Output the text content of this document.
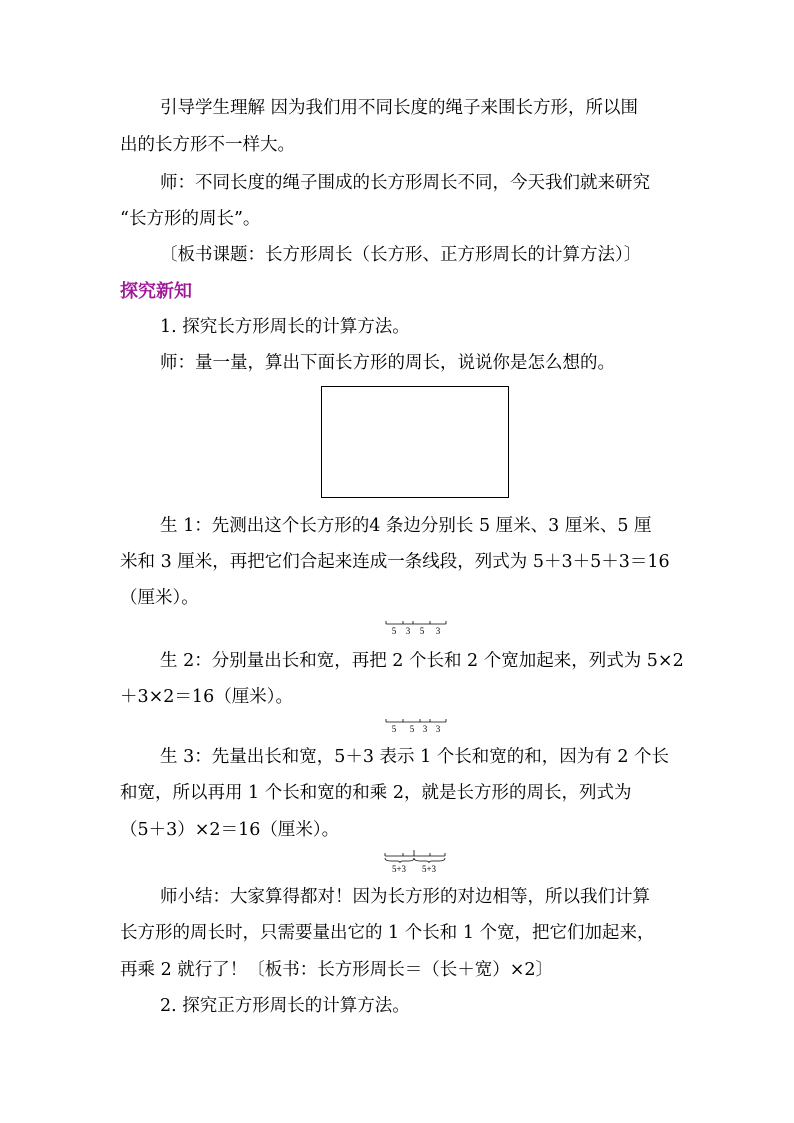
引导学生理解 因为我们用不同长度的绳子来围长方形，所以围
出的长方形不一样大。
师：不同长度的绳子围成的长方形周长不同，今天我们就来研究
“长方形的周长”。
〔板书课题：长方形周长（长方形、正方形周长的计算方法）〕
探究新知
1. 探究长方形周长的计算方法。
师：量一量，算出下面长方形的周长，说说你是怎么想的。
生 1：先测出这个长方形的4 条边分别长 5 厘米、3 厘米、5 厘
米和 3 厘米，再把它们合起来连成一条线段，列式为 5＋3＋5＋3＝16
（厘米）。
5 3 5 3
生 2：分别量出长和宽，再把 2 个长和 2 个宽加起来，列式为 5×2
＋3×2＝16（厘米）。
5 5 3 3
生 3：先量出长和宽，5＋3 表示 1 个长和宽的和，因为有 2 个长
和宽，所以再用 1 个长和宽的和乘 2，就是长方形的周长，列式为
（5＋3）×2＝16（厘米）。
5+3 5+3
师小结：大家算得都对！因为长方形的对边相等，所以我们计算
长方形的周长时，只需要量出它的 1 个长和 1 个宽，把它们加起来，
再乘 2 就行了！〔板书：长方形周长＝（长＋宽）×2〕
2. 探究正方形周长的计算方法。
